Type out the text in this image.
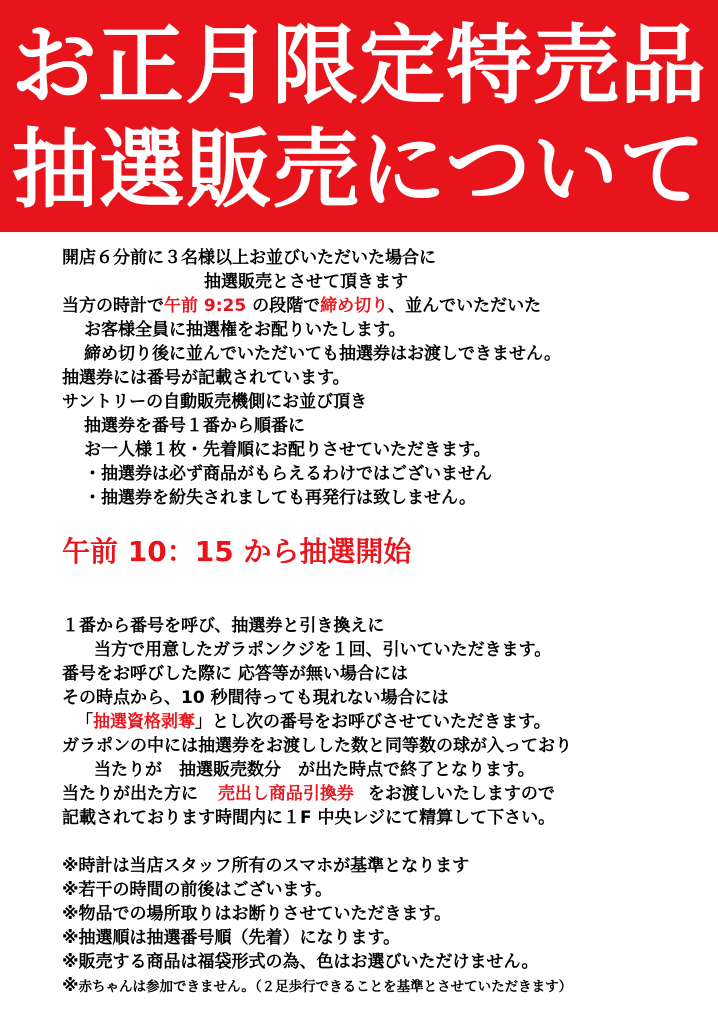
お正月限定特売品
抽選販売について
開店６分前に３名様以上お並びいただいた場合に
抽選販売とさせて頂きます
当方の時計で午前 9:25 の段階で締め切り、並んでいただいた
お客様全員に抽選権をお配りいたします。
締め切り後に並んでいただいても抽選券はお渡しできません。
抽選券には番号が記載されています。
サントリーの自動販売機側にお並び頂き
抽選券を番号１番から順番に
お一人様１枚・先着順にお配りさせていただきます。
・抽選券は必ず商品がもらえるわけではございません
・抽選券を紛失されましても再発行は致しません。
午前 10：15 から抽選開始
１番から番号を呼び、抽選券と引き換えに
当方で用意したガラポンクジを１回、引いていただきます。
番号をお呼びした際に 応答等が無い場合には
その時点から、10 秒間待っても現れない場合には
「抽選資格剥奪」とし次の番号をお呼びさせていただきます。
ガラポンの中には抽選券をお渡しした数と同等数の球が入っており
当たりが　抽選販売数分　が出た時点で終了となります。
当たりが出た方に 売出し商品引換券 をお渡しいたしますので
記載されております時間内に１F 中央レジにて精算して下さい。
※時計は当店スタッフ所有のスマホが基準となります
※若干の時間の前後はございます。
※物品での場所取りはお断りさせていただきます。
※抽選順は抽選番号順（先着）になります。
※販売する商品は福袋形式の為、色はお選びいただけません。
※赤ちゃんは参加できません。（２足歩行できることを基準とさせていただきます）
